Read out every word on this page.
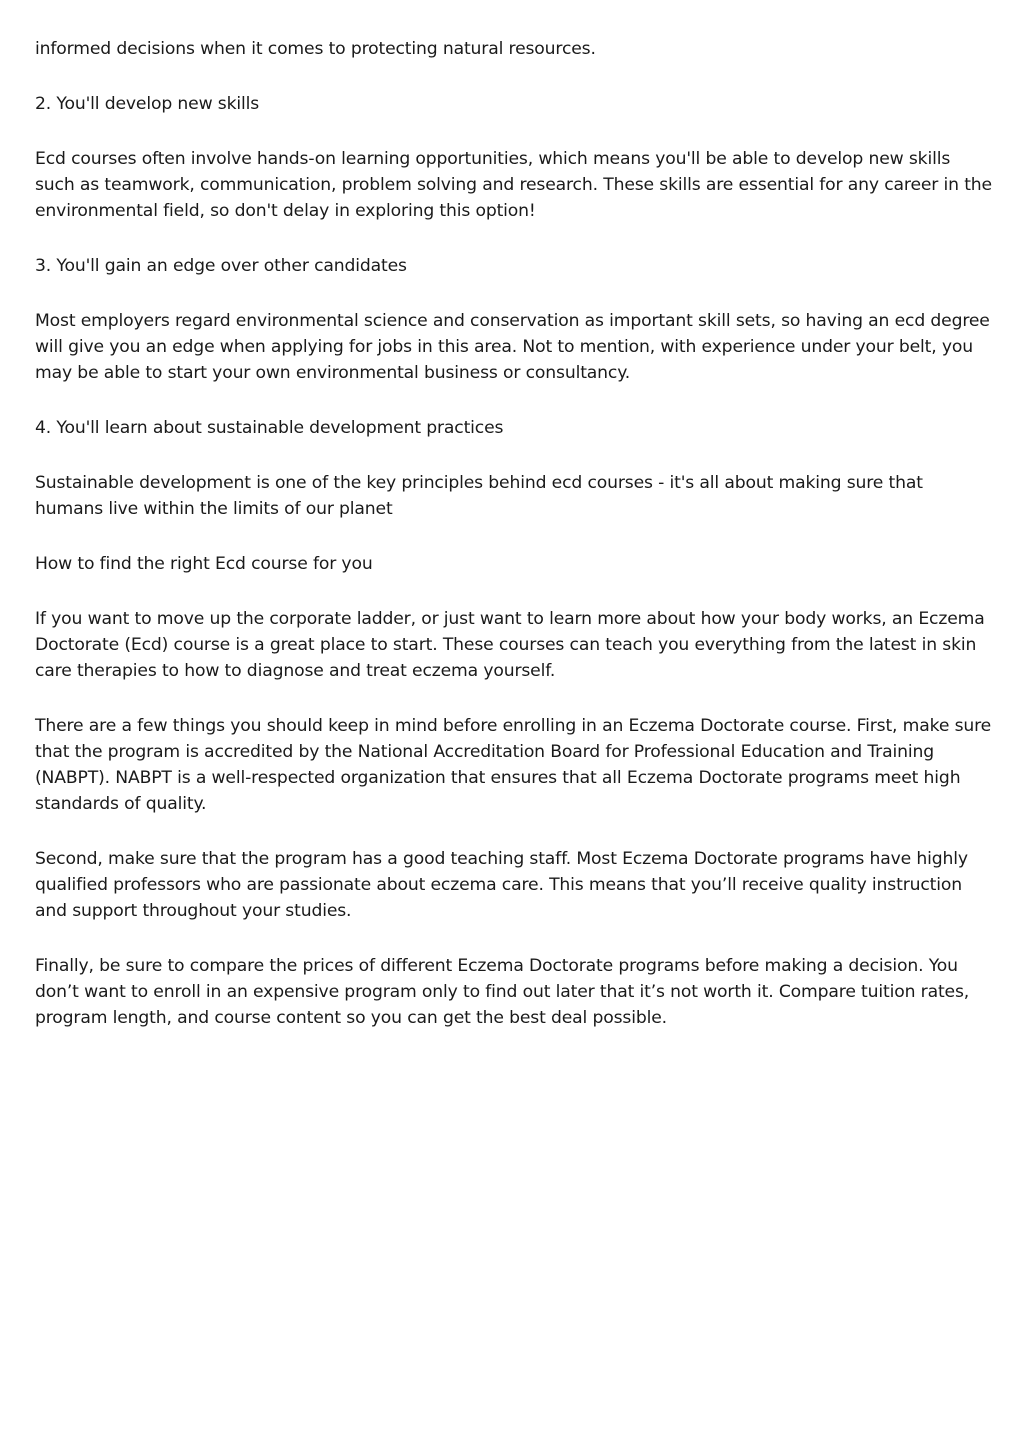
informed decisions when it comes to protecting natural resources.

2. You'll develop new skills

Ecd courses often involve hands-on learning opportunities, which means you'll be able to develop new skills such as teamwork, communication, problem solving and research. These skills are essential for any career in the environmental field, so don't delay in exploring this option!

3. You'll gain an edge over other candidates

Most employers regard environmental science and conservation as important skill sets, so having an ecd degree will give you an edge when applying for jobs in this area. Not to mention, with experience under your belt, you may be able to start your own environmental business or consultancy.

4. You'll learn about sustainable development practices

Sustainable development is one of the key principles behind ecd courses - it's all about making sure that humans live within the limits of our planet

How to find the right Ecd course for you

If you want to move up the corporate ladder, or just want to learn more about how your body works, an Eczema Doctorate (Ecd) course is a great place to start. These courses can teach you everything from the latest in skin care therapies to how to diagnose and treat eczema yourself.

There are a few things you should keep in mind before enrolling in an Eczema Doctorate course. First, make sure that the program is accredited by the National Accreditation Board for Professional Education and Training (NABPT). NABPT is a well-respected organization that ensures that all Eczema Doctorate programs meet high standards of quality.

Second, make sure that the program has a good teaching staff. Most Eczema Doctorate programs have highly qualified professors who are passionate about eczema care. This means that you’ll receive quality instruction and support throughout your studies.

Finally, be sure to compare the prices of different Eczema Doctorate programs before making a decision. You don’t want to enroll in an expensive program only to find out later that it’s not worth it. Compare tuition rates, program length, and course content so you can get the best deal possible.
